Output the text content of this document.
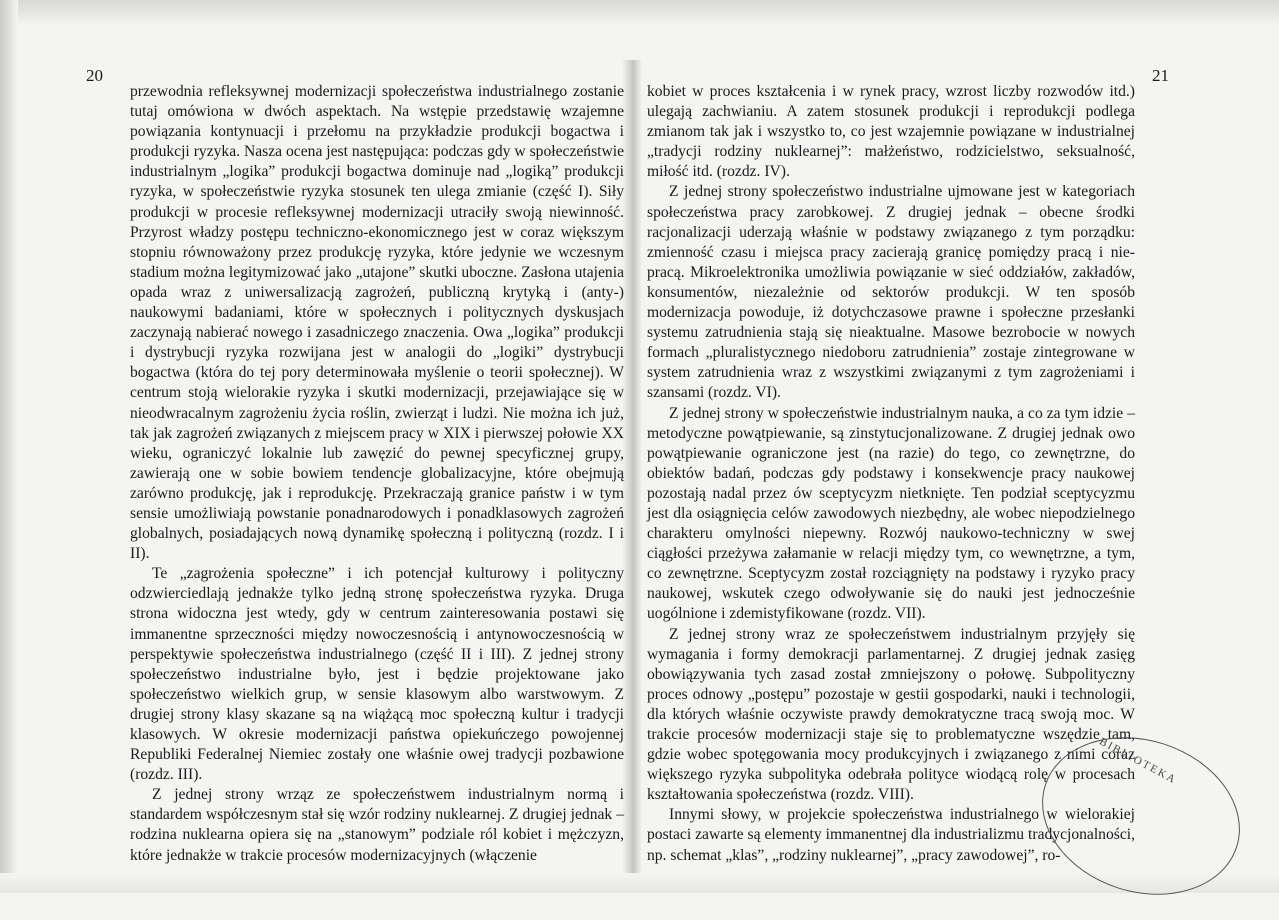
20	21

przewodnia refleksywnej modernizacji społeczeństwa industrialnego zostanie tutaj omówiona w dwóch aspektach. Na wstępie przedstawię wzajemne powiązania kontynuacji i przełomu na przykładzie produkcji bogactwa i produkcji ryzyka. Nasza ocena jest następująca: podczas gdy w społeczeństwie industrialnym „logika” produkcji bogactwa dominuje nad „logiką” produkcji ryzyka, w społeczeństwie ryzyka stosunek ten ulega zmianie (część I). Siły produkcji w procesie refleksywnej modernizacji utraciły swoją niewinność. Przyrost władzy postępu techniczno-ekonomicznego jest w coraz większym stopniu równoważony przez produkcję ryzyka, które jedynie we wczesnym stadium można legitymizować jako „utajone” skutki uboczne. Zasłona utajenia opada wraz z uniwersalizacją zagrożeń, publiczną krytyką i (anty-) naukowymi badaniami, które w społecznych i politycznych dyskusjach zaczynają nabierać nowego i zasadniczego znaczenia. Owa „logika” produkcji i dystrybucji ryzyka rozwijana jest w analogii do „logiki” dystrybucji bogactwa (która do tej pory determinowała myślenie o teorii społecznej). W centrum stoją wielorakie ryzyka i skutki modernizacji, przejawiające się w nieodwracalnym zagrożeniu życia roślin, zwierząt i ludzi. Nie można ich już, tak jak zagrożeń związanych z miejscem pracy w XIX i pierwszej połowie XX wieku, ograniczyć lokalnie lub zawęzić do pewnej specyficznej grupy, zawierają one w sobie bowiem tendencje globalizacyjne, które obejmują zarówno produkcję, jak i reprodukcję. Przekraczają granice państw i w tym sensie umożliwiają powstanie ponadnarodowych i ponadklasowych zagrożeń globalnych, posiadających nową dynamikę społeczną i polityczną (rozdz. I i II).

Te „zagrożenia społeczne” i ich potencjał kulturowy i polityczny odzwierciedlają jednakże tylko jedną stronę społeczeństwa ryzyka. Druga strona widoczna jest wtedy, gdy w centrum zainteresowania postawi się immanentne sprzeczności między nowoczesnością i antynowoczesnością w perspektywie społeczeństwa industrialnego (część II i III). Z jednej strony społeczeństwo industrialne było, jest i będzie projektowane jako społeczeństwo wielkich grup, w sensie klasowym albo warstwowym. Z drugiej strony klasy skazane są na wiążącą moc społeczną kultur i tradycji klasowych. W okresie modernizacji państwa opiekuńczego powojennej Republiki Federalnej Niemiec zostały one właśnie owej tradycji pozbawione (rozdz. III).

Z jednej strony wrząz ze społeczeństwem industrialnym normą i standardem współczesnym stał się wzór rodziny nuklearnej. Z drugiej jednak – rodzina nuklearna opiera się na „stanowym” podziale ról kobiet i mężczyzn, które jednakże w trakcie procesów modernizacyjnych (włączenie

kobiet w proces kształcenia i w rynek pracy, wzrost liczby rozwodów itd.) ulegają zachwianiu. A zatem stosunek produkcji i reprodukcji podlega zmianom tak jak i wszystko to, co jest wzajemnie powiązane w industrialnej „tradycji rodziny nuklearnej”: małżeństwo, rodzicielstwo, seksualność, miłość itd. (rozdz. IV).

Z jednej strony społeczeństwo industrialne ujmowane jest w kategoriach społeczeństwa pracy zarobkowej. Z drugiej jednak – obecne środki racjonalizacji uderzają właśnie w podstawy związanego z tym porządku: zmienność czasu i miejsca pracy zacierają granicę pomiędzy pracą i nie-pracą. Mikroelektronika umożliwia powiązanie w sieć oddziałów, zakładów, konsumentów, niezależnie od sektorów produkcji. W ten sposób modernizacja powoduje, iż dotychczasowe prawne i społeczne przesłanki systemu zatrudnienia stają się nieaktualne. Masowe bezrobocie w nowych formach „pluralistycznego niedoboru zatrudnienia” zostaje zintegrowane w system zatrudnienia wraz z wszystkimi związanymi z tym zagrożeniami i szansami (rozdz. VI).

Z jednej strony w społeczeństwie industrialnym nauka, a co za tym idzie – metodyczne powątpiewanie, są zinstytucjonalizowane. Z drugiej jednak owo powątpiewanie ograniczone jest (na razie) do tego, co zewnętrzne, do obiektów badań, podczas gdy podstawy i konsekwencje pracy naukowej pozostają nadal przez ów sceptycyzm nietknięte. Ten podział sceptycyzmu jest dla osiągnięcia celów zawodowych niezbędny, ale wobec niepodzielnego charakteru omylności niepewny. Rozwój naukowo-techniczny w swej ciągłości przeżywa załamanie w relacji między tym, co wewnętrzne, a tym, co zewnętrzne. Sceptycyzm został rozciągnięty na podstawy i ryzyko pracy naukowej, wskutek czego odwoływanie się do nauki jest jednocześnie uogólnione i zdemistyfikowane (rozdz. VII).

Z jednej strony wraz ze społeczeństwem industrialnym przyjęły się wymagania i formy demokracji parlamentarnej. Z drugiej jednak zasięg obowiązywania tych zasad został zmniejszony o połowę. Subpolityczny proces odnowy „postępu” pozostaje w gestii gospodarki, nauki i technologii, dla których właśnie oczywiste prawdy demokratyczne tracą swoją moc. W trakcie procesów modernizacji staje się to problematyczne wszędzie tam, gdzie wobec spotęgowania mocy produkcyjnych i związanego z nimi coraz większego ryzyka subpolityka odebrała polityce wiodącą rolę w procesach kształtowania społeczeństwa (rozdz. VIII).

Innymi słowy, w projekcie społeczeństwa industrialnego w wielorakiej postaci zawarte są elementy immanentnej dla industrializmu tradycjonalności, np. schemat „klas”, „rodziny nuklearnej”, „pracy zawodowej”, ro-

BIBLIOTEKA
